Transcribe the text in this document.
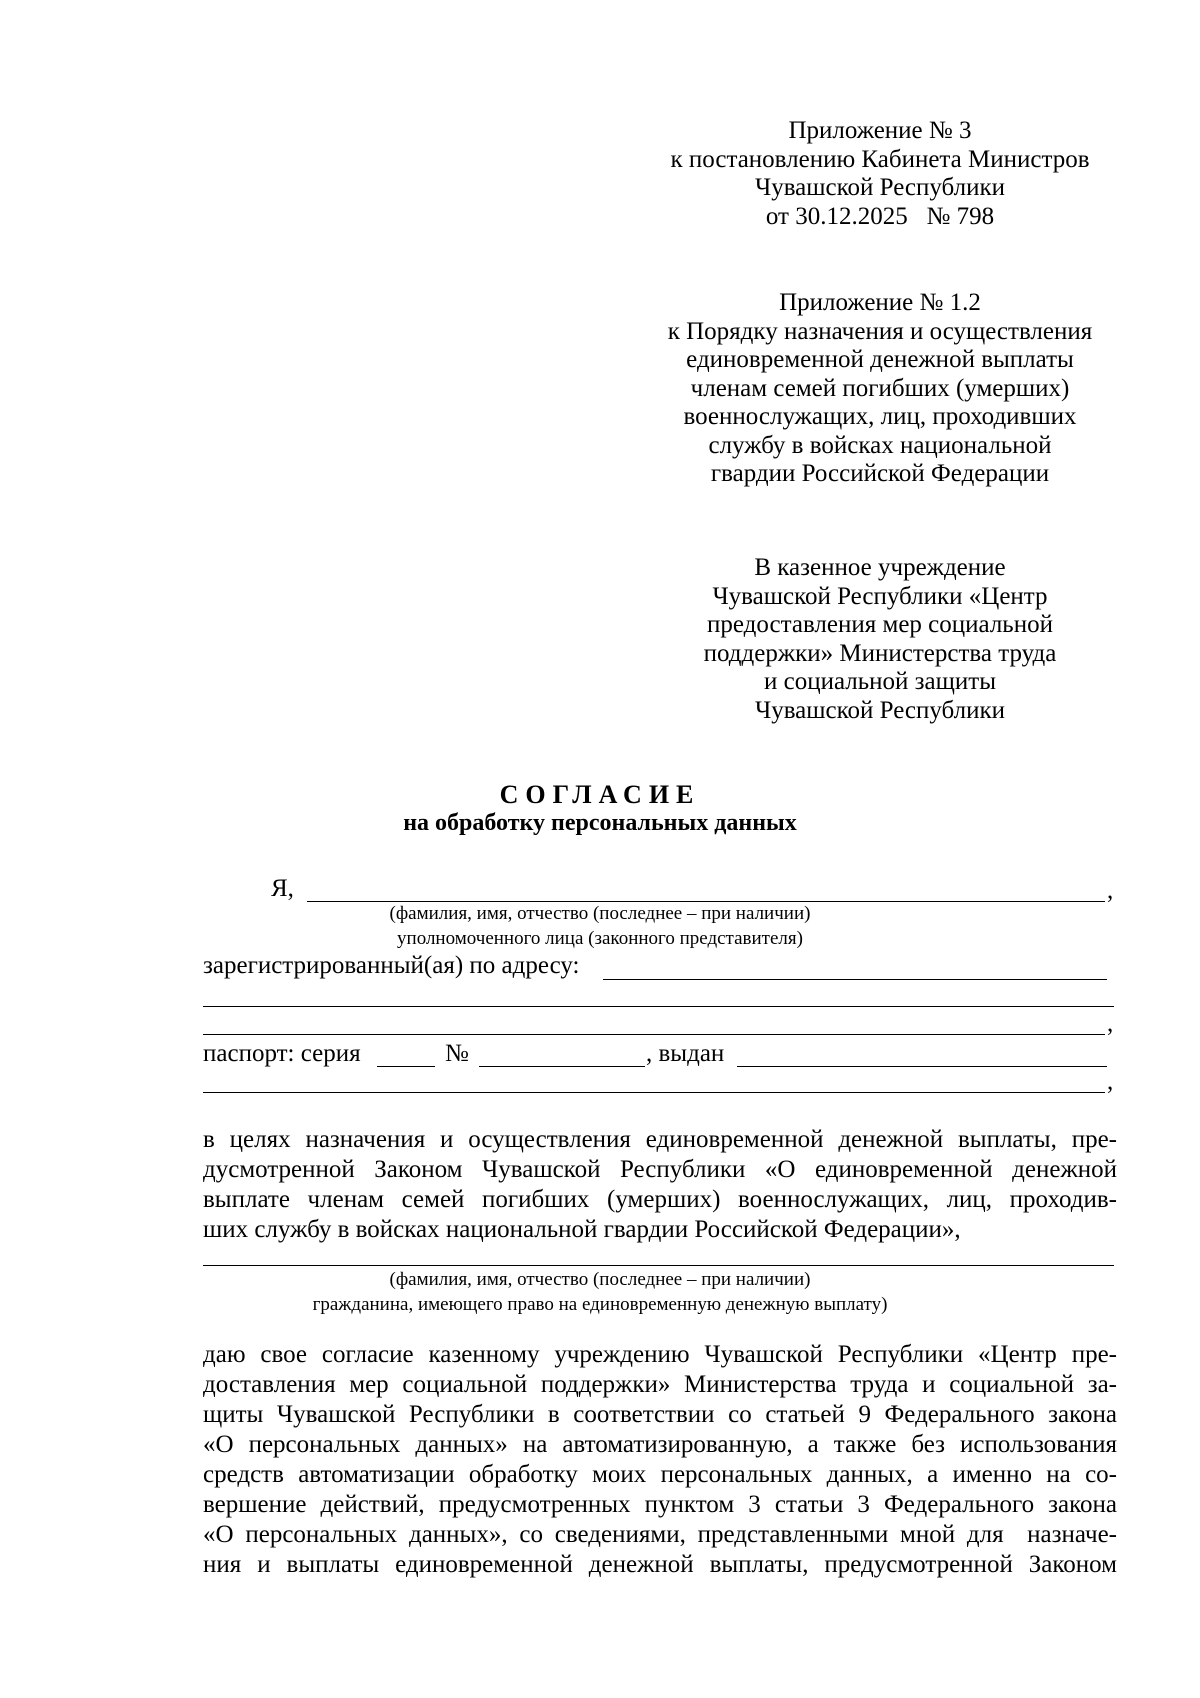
Приложение № 3
к постановлению Кабинета Министров
Чувашской Республики
от 30.12.2025   № 798
Приложение № 1.2
к Порядку назначения и осуществления
единовременной денежной выплаты
членам семей погибших (умерших)
военнослужащих, лиц, проходивших
службу в войсках национальной
гвардии Российской Федерации
В казенное учреждение
Чувашской Республики «Центр
предоставления мер социальной
поддержки» Министерства труда
и социальной защиты
Чувашской Республики
СОГЛАСИЕ
на обработку персональных данных
Я,	,
(фамилия, имя, отчество (последнее – при наличии)
уполномоченного лица (законного представителя)
зарегистрированный(ая) по адресу:
,
паспорт: серия	№	, выдан
,
в целях назначения и осуществления единовременной денежной выплаты, пре-
дусмотренной Законом Чувашской Республики «О единовременной денежной
выплате членам семей погибших (умерших) военнослужащих, лиц, проходив-
ших службу в войсках национальной гвардии Российской Федерации»,
(фамилия, имя, отчество (последнее – при наличии)
гражданина, имеющего право на единовременную денежную выплату)
даю свое согласие казенному учреждению Чувашской Республики «Центр пре-
доставления мер социальной поддержки» Министерства труда и социальной за-
щиты Чувашской Республики в соответствии со статьей 9 Федерального закона
«О персональных данных» на автоматизированную, а также без использования
средств автоматизации обработку моих персональных данных, а именно на со-
вершение действий, предусмотренных пунктом 3 статьи 3 Федерального закона
«О персональных данных», со сведениями, представленными мной для  назначе-
ния и выплаты единовременной денежной выплаты, предусмотренной Законом
